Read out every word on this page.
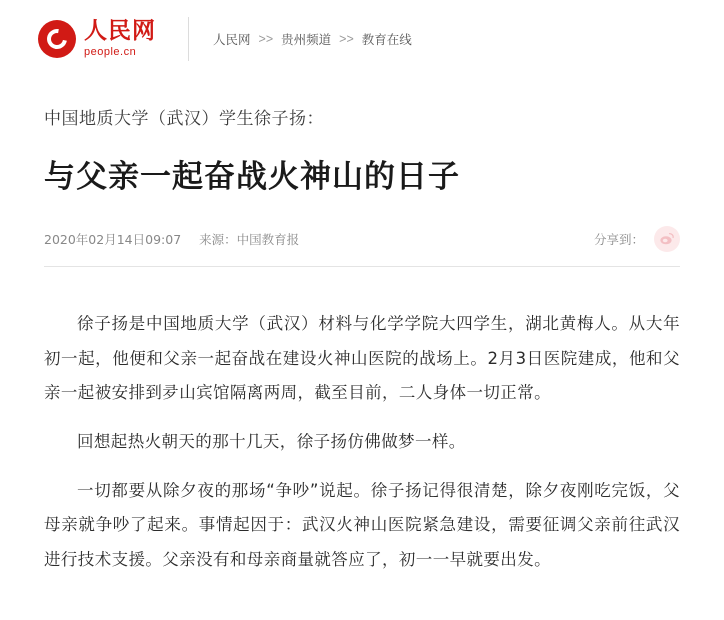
人民网
people.cn
人民网 >> 贵州频道 >> 教育在线
中国地质大学（武汉）学生徐子扬：
与父亲一起奋战火神山的日子
2020年02月14日09:07 来源：中国教育报	分享到：

徐子扬是中国地质大学（武汉）材料与化学学院大四学生，湖北黄梅人。从大年初一起，他便和父亲一起奋战在建设火神山医院的战场上。2月3日医院建成，他和父亲一起被安排到夛山宾馆隔离两周，截至目前，二人身体一切正常。

回想起热火朝天的那十几天，徐子扬仿佛做梦一样。

一切都要从除夕夜的那场“争吵”说起。徐子扬记得很清楚，除夕夜刚吃完饭，父母亲就争吵了起来。事情起因于：武汉火神山医院紧急建设，需要征调父亲前往武汉进行技术支援。父亲没有和母亲商量就答应了，初一一早就要出发。
